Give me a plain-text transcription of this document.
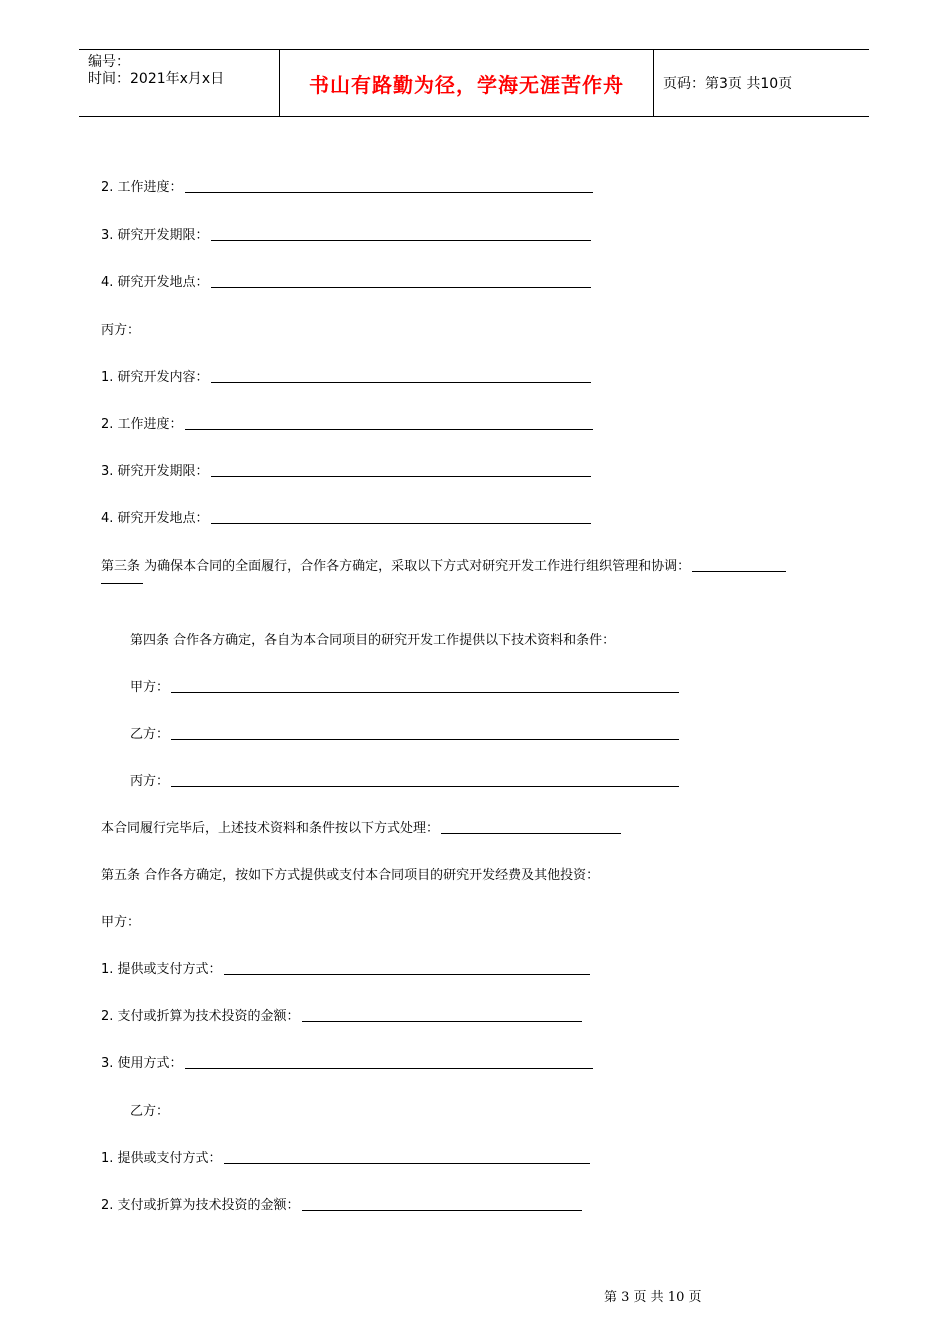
编号：
时间：2021年x月x日	书山有路勤为径，学海无涯苦作舟	页码：第3页 共10页
2.
工作进度：
3.
研究开发期限：
4.
研究开发地点：
丙方：
1.
研究开发内容：
2.
工作进度：
3.
研究开发期限：
4.
研究开发地点：
第三条 为确保本合同的全面履行，合作各方确定，采取以下方式对研究开发工作进行组织管理和协调：
第四条 合作各方确定，各自为本合同项目的研究开发工作提供以下技术资料和条件：
甲方：
乙方：
丙方：
本合同履行完毕后，上述技术资料和条件按以下方式处理：
第五条 合作各方确定，按如下方式提供或支付本合同项目的研究开发经费及其他投资：
甲方：
1.
提供或支付方式：
2.
支付或折算为技术投资的金额：
3.
使用方式：
乙方：
1.
提供或支付方式：
2.
支付或折算为技术投资的金额：
第 3 页 共 10 页
